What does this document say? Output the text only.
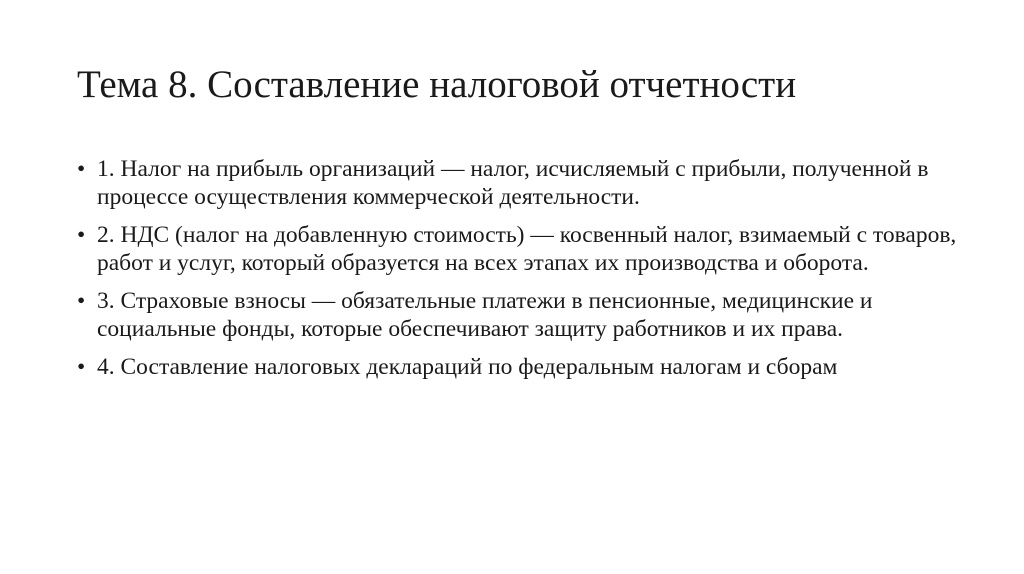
Тема 8. Составление налоговой отчетности
• 1. Налог на прибыль организаций — налог, исчисляемый с прибыли, полученной в процессе осуществления коммерческой деятельности.
• 2. НДС (налог на добавленную стоимость) — косвенный налог, взимаемый с товаров, работ и услуг, который образуется на всех этапах их производства и оборота.
• 3. Страховые взносы — обязательные платежи в пенсионные, медицинские и социальные фонды, которые обеспечивают защиту работников и их права.
• 4. Составление налоговых деклараций по федеральным налогам и сборам
